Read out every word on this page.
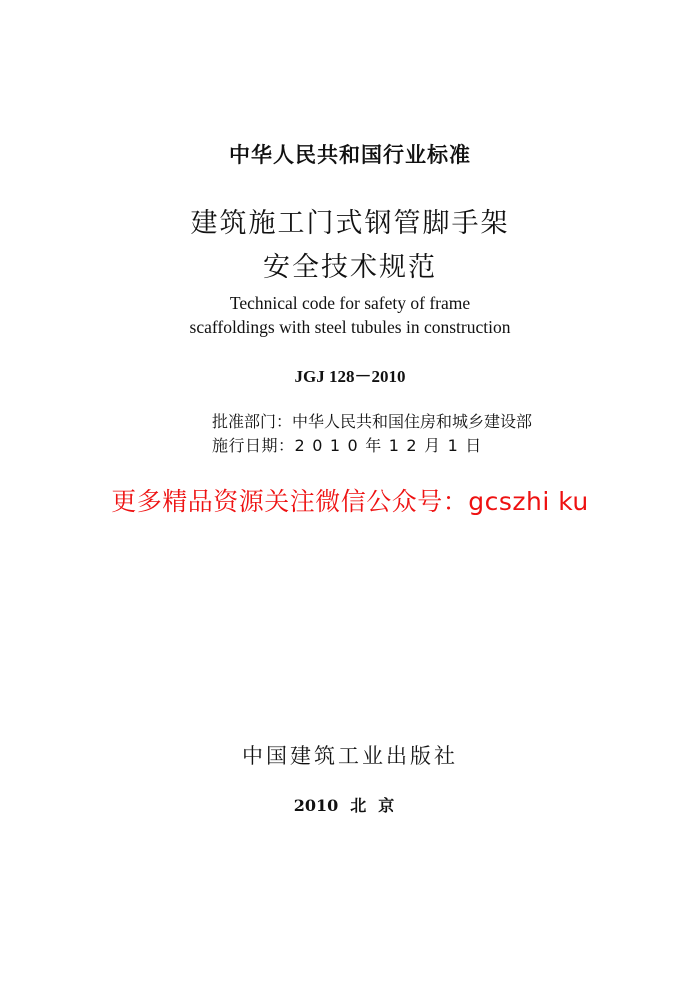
中华人民共和国行业标准
建筑施工门式钢管脚手架
安全技术规范
Technical code for safety of frame
scaffoldings with steel tubules in construction
JGJ 128－2010
批准部门：中华人民共和国住房和城乡建设部
施行日期：2010年12月1日
更多精品资源关注微信公众号：gcszhi ku
中国建筑工业出版社
2010 北京
